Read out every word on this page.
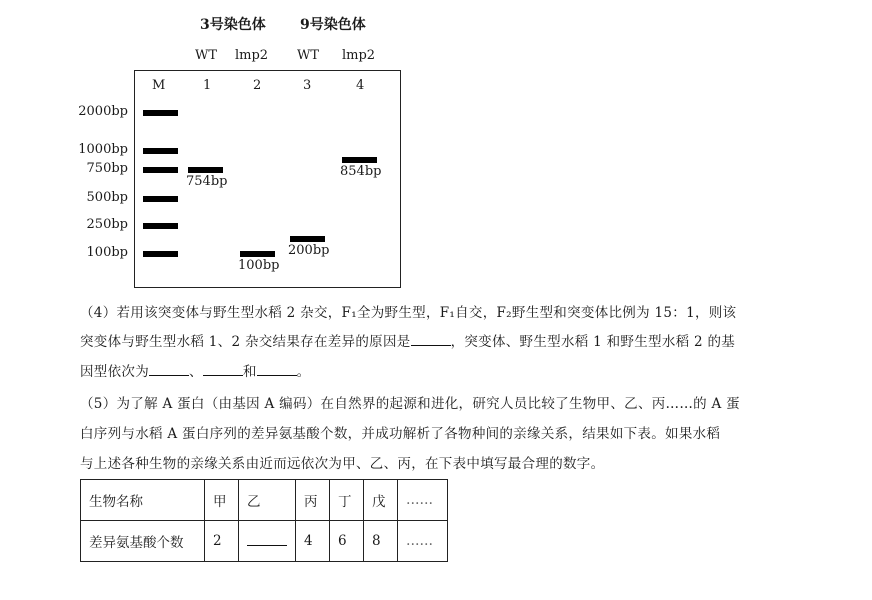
3号染色体 9号染色体
WT lmp2 WT lmp2
M	1	2	3	4
2000bp
1000bp
750bp
500bp
250bp
100bp
754bp
100bp
200bp
854bp
（4）若用该突变体与野生型水稻 2 杂交，F₁全为野生型，F₁自交，F₂野生型和突变体比例为 15：1，则该
突变体与野生型水稻 1、2 杂交结果存在差异的原因是	，突变体、野生型水稻 1 和野生型水稻 2 的基
因型依次为	、	和	。
（5）为了解 A 蛋白（由基因 A 编码）在自然界的起源和进化，研究人员比较了生物甲、乙、丙……的 A 蛋
白序列与水稻 A 蛋白序列的差异氨基酸个数，并成功解析了各物种间的亲缘关系，结果如下表。如果水稻
与上述各种生物的亲缘关系由近而远依次为甲、乙、丙，在下表中填写最合理的数字。
生物名称	甲	乙	丙	丁	戊	……
差异氨基酸个数	2		4	6	8	……
